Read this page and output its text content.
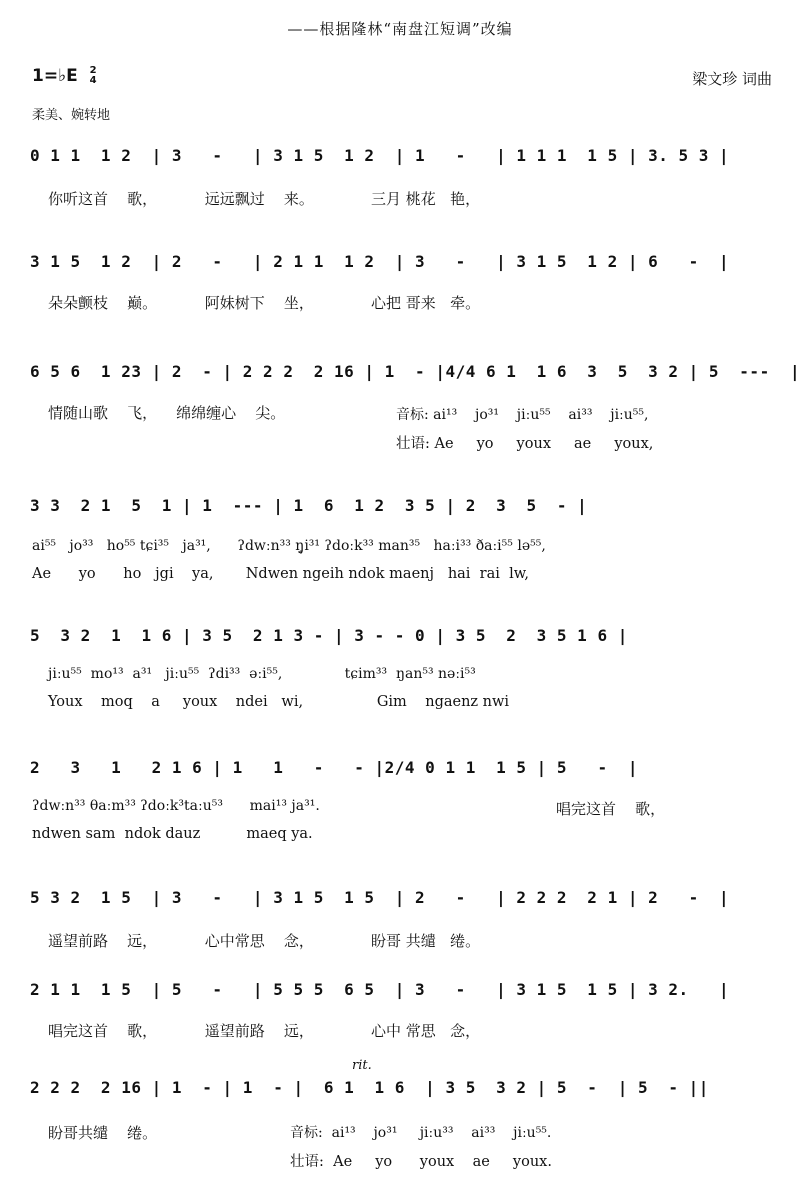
——根据隆林“南盘江短调”改编
1=♭E 2
4	梁文珍 词曲
柔美、婉转地
0 1 1  1 2  | 3   -   | 3 1 5  1 2  | 1   -   | 1 1 1  1 5 | 3. 5 3 |
你听这首    歌，          远远飘过    来。            三月 桃花   艳，
3 1 5  1 2  | 2   -   | 2 1 1  1 2  | 3   -   | 3 1 5  1 2 | 6   -  |
朵朵颤枝    巅。          阿妹树下    坐，            心把 哥来   牵。
6 5 6  1 23 | 2  - | 2 2 2  2 16 | 1  - |4/4 6 1  1 6  3  5  3 2 | 5  ---  |
情随山歌    飞，    绵绵缠心    尖。	音标: ai¹³    jo³¹    jiːu⁵⁵    ai³³    jiːu⁵⁵,
壮语: Ae     yo     youx     ae     youx,
3 3  2 1  5  1 | 1  --- | 1  6  1 2  3 5 | 2  3  5  - |
ai⁵⁵   jo³³   ho⁵⁵ tɕi³⁵   ja³¹,      ʔdwːn³³ ŋ̥i³¹ ʔdoːk³³ man³⁵   haːi³³ ðaːi⁵⁵ lə⁵⁵,
Ae      yo      ho   jgi    ya,       Ndwen ngeih ndok maenj   hai  rai  lw,
5  3 2  1  1 6 | 3 5  2 1 3 - | 3 - - 0 | 3 5  2  3 5 1 6 |
jiːu⁵⁵  mo¹³  a³¹   jiːu⁵⁵  ʔdi³³  əːi⁵⁵,              tɕim³³  ŋan⁵³ nəːi⁵³
Youx    moq    a     youx    ndei   wi,                Gim    ngaenz nwi
2   3   1   2 1 6 | 1   1   -   - |2/4 0 1 1  1 5 | 5   -  |
ʔdwːn³³ θaːm³³ ʔdoːk³taːu⁵³      mai¹³ ja³¹.
ndwen sam  ndok dauz          maeq ya.
唱完这首    歌，
5 3 2  1 5  | 3   -   | 3 1 5  1 5  | 2   -   | 2 2 2  2 1 | 2   -  |
遥望前路    远，          心中常思    念，            盼哥 共缱   绻。
2 1 1  1 5  | 5   -   | 5 5 5  6 5  | 3   -   | 3 1 5  1 5 | 3 2.   |
唱完这首    歌，          遥望前路    远，            心中 常思   念，
rit.
2 2 2  2 16 | 1  - | 1  - |  6 1  1 6  | 3 5  3 2 | 5  -  | 5  - ||
盼哥共缱    绻。	音标:  ai¹³    jo³¹     jiːu³³    ai³³    jiːu⁵⁵.
壮语:  Ae     yo      youx    ae     youx.
